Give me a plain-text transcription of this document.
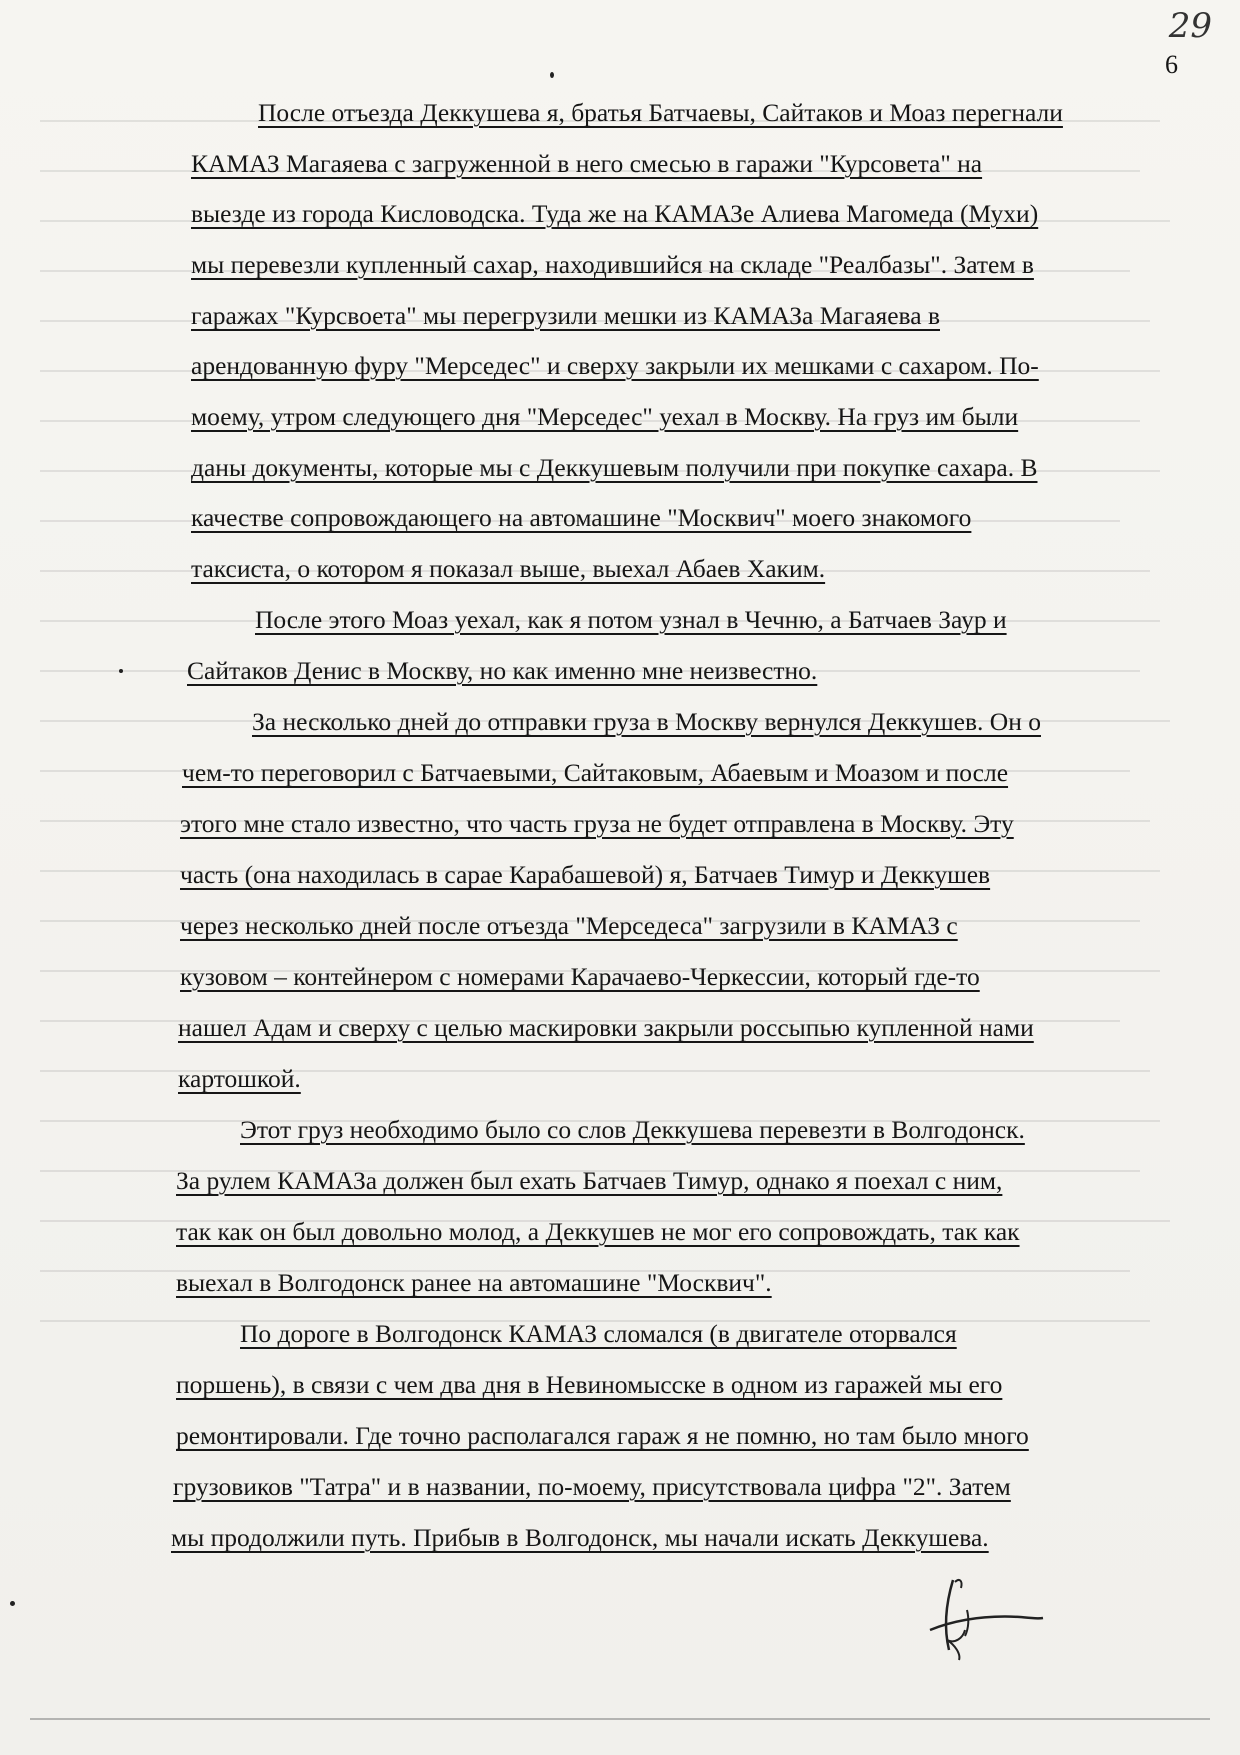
29
6
После отъезда Деккушева я, братья Батчаевы, Сайтаков и Моаз перегнали
КАМАЗ Магаяева с загруженной в него смесью в гаражи "Курсовета" на
выезде из города Кисловодска. Туда же на КАМАЗе Алиева Магомеда (Мухи)
мы перевезли купленный сахар, находившийся на складе "Реалбазы". Затем в
гаражах "Курсвоета" мы перегрузили мешки из КАМАЗа Магаяева в
арендованную фуру "Мерседес" и сверху закрыли их мешками с сахаром. По-
моему, утром следующего дня "Мерседес" уехал в Москву. На груз им были
даны документы, которые мы с Деккушевым получили при покупке сахара. В
качестве сопровождающего на автомашине "Москвич" моего знакомого
таксиста, о котором я показал выше, выехал Абаев Хаким.
После этого Моаз уехал, как я потом узнал в Чечню, а Батчаев Заур и
Сайтаков Денис в Москву, но как именно мне неизвестно.
За несколько дней до отправки груза в Москву вернулся Деккушев. Он о
чем-то переговорил с Батчаевыми, Сайтаковым, Абаевым и Моазом и после
этого мне стало известно, что часть груза не будет отправлена в Москву. Эту
часть (она находилась в сарае Карабашевой) я, Батчаев Тимур и Деккушев
через несколько дней после отъезда "Мерседеса" загрузили в КАМАЗ с
кузовом – контейнером с номерами Карачаево-Черкессии, который где-то
нашел Адам и сверху с целью маскировки закрыли россыпью купленной нами
картошкой.
Этот груз необходимо было со слов Деккушева перевезти в Волгодонск.
За рулем КАМАЗа должен был ехать Батчаев Тимур, однако я поехал с ним,
так как он был довольно молод, а Деккушев не мог его сопровождать, так как
выехал в Волгодонск ранее на автомашине "Москвич".
По дороге в Волгодонск КАМАЗ сломался (в двигателе оторвался
поршень), в связи с чем два дня в Невиномысске в одном из гаражей мы его
ремонтировали. Где точно располагался гараж я не помню, но там было много
грузовиков "Татра" и в названии, по-моему, присутствовала цифра "2". Затем
мы продолжили путь. Прибыв в Волгодонск, мы начали искать Деккушева.
